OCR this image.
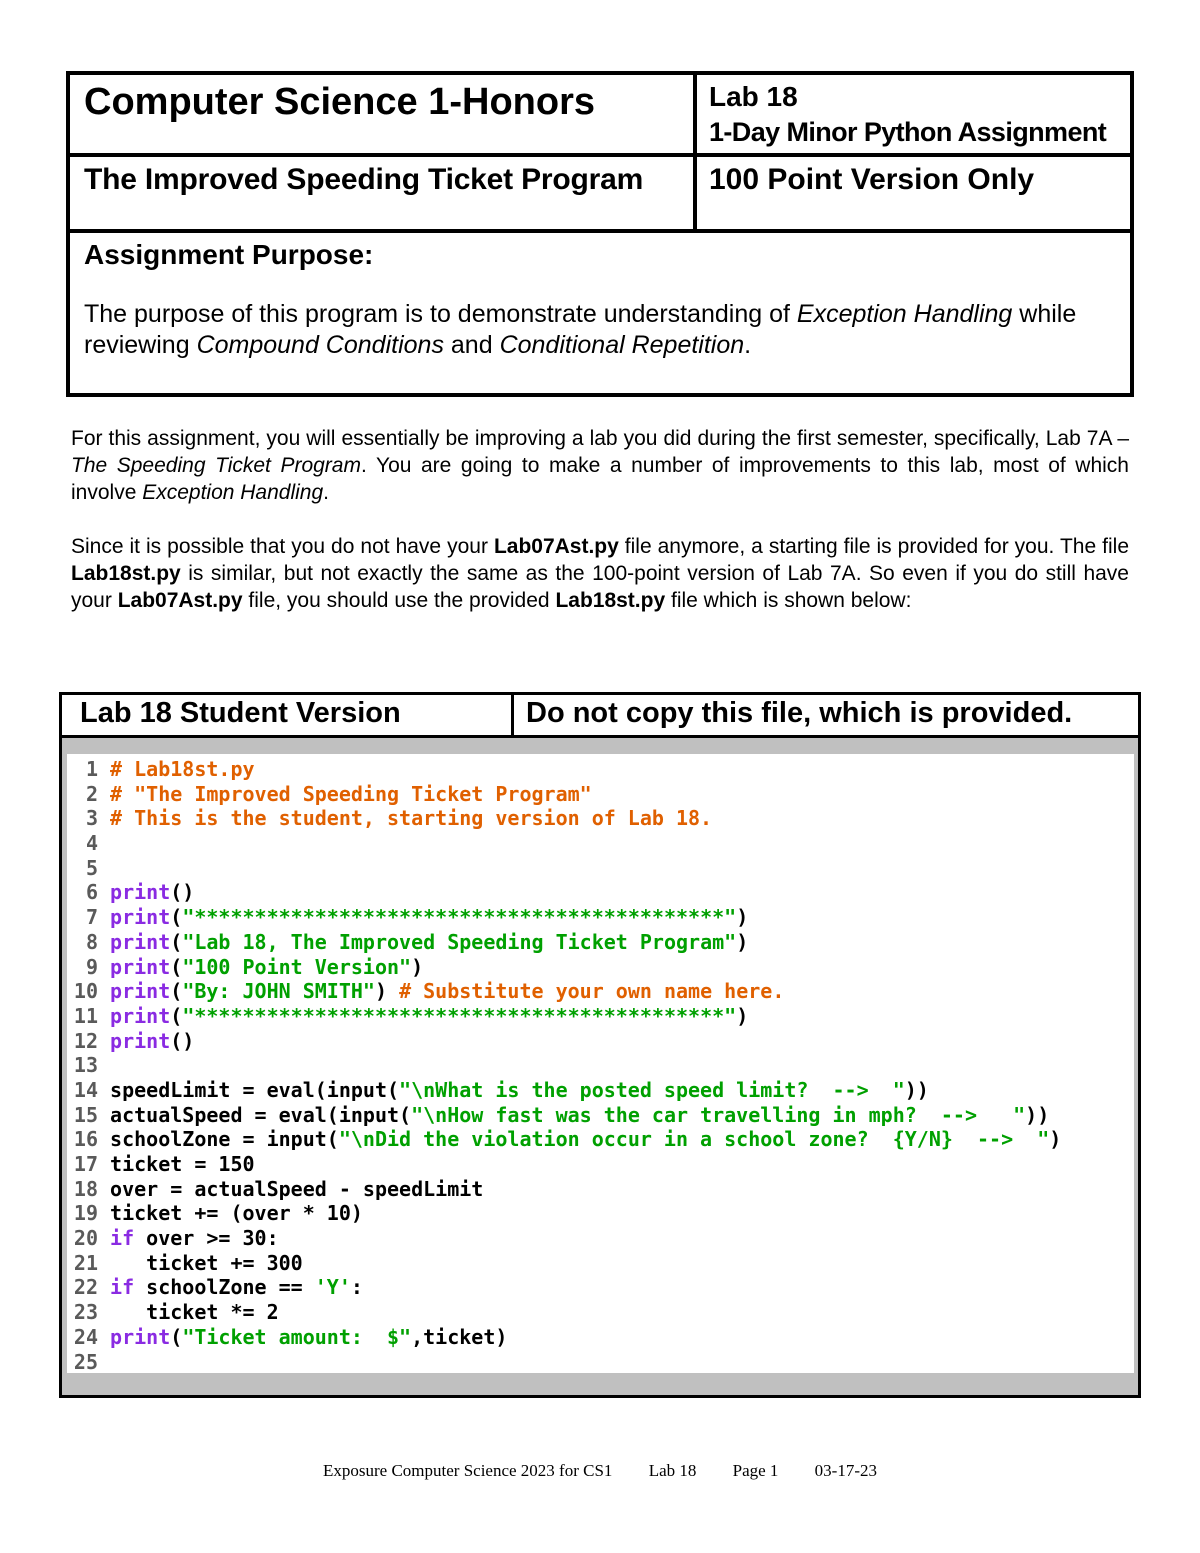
Computer Science 1-Honors	Lab 18
1-Day Minor Python Assignment
The Improved Speeding Ticket Program 100 Point Version Only
Assignment Purpose:
The purpose of this program is to demonstrate understanding of Exception Handling while reviewing Compound Conditions and Conditional Repetition.
For this assignment, you will essentially be improving a lab you did during the first semester, specifically, Lab 7A – The Speeding Ticket Program. You are going to make a number of improvements to this lab, most of which involve Exception Handling.
Since it is possible that you do not have your Lab07Ast.py file anymore, a starting file is provided for you. The file Lab18st.py is similar, but not exactly the same as the 100-point version of Lab 7A. So even if you do still have your Lab07Ast.py file, you should use the provided Lab18st.py file which is shown below:
Lab 18 Student Version	Do not copy this file, which is provided.
1 # Lab18st.py
2 # "The Improved Speeding Ticket Program"
3 # This is the student, starting version of Lab 18.
4
5
6 print()
7 print("********************************************")
8 print("Lab 18, The Improved Speeding Ticket Program")
9 print("100 Point Version")
10 print("By: JOHN SMITH") # Substitute your own name here.
11 print("********************************************")
12 print()
13
14 speedLimit = eval(input("\nWhat is the posted speed limit?  -->  "))
15 actualSpeed = eval(input("\nHow fast was the car travelling in mph?  -->   "))
16 schoolZone = input("\nDid the violation occur in a school zone?  {Y/N}  -->  ")
17 ticket = 150
18 over = actualSpeed - speedLimit
19 ticket += (over * 10)
20 if over >= 30:
21    ticket += 300
22 if schoolZone == 'Y':
23    ticket *= 2
24 print("Ticket amount:  $",ticket)
25
Exposure Computer Science 2023 for CS1 Lab 18 Page 1 03-17-23
